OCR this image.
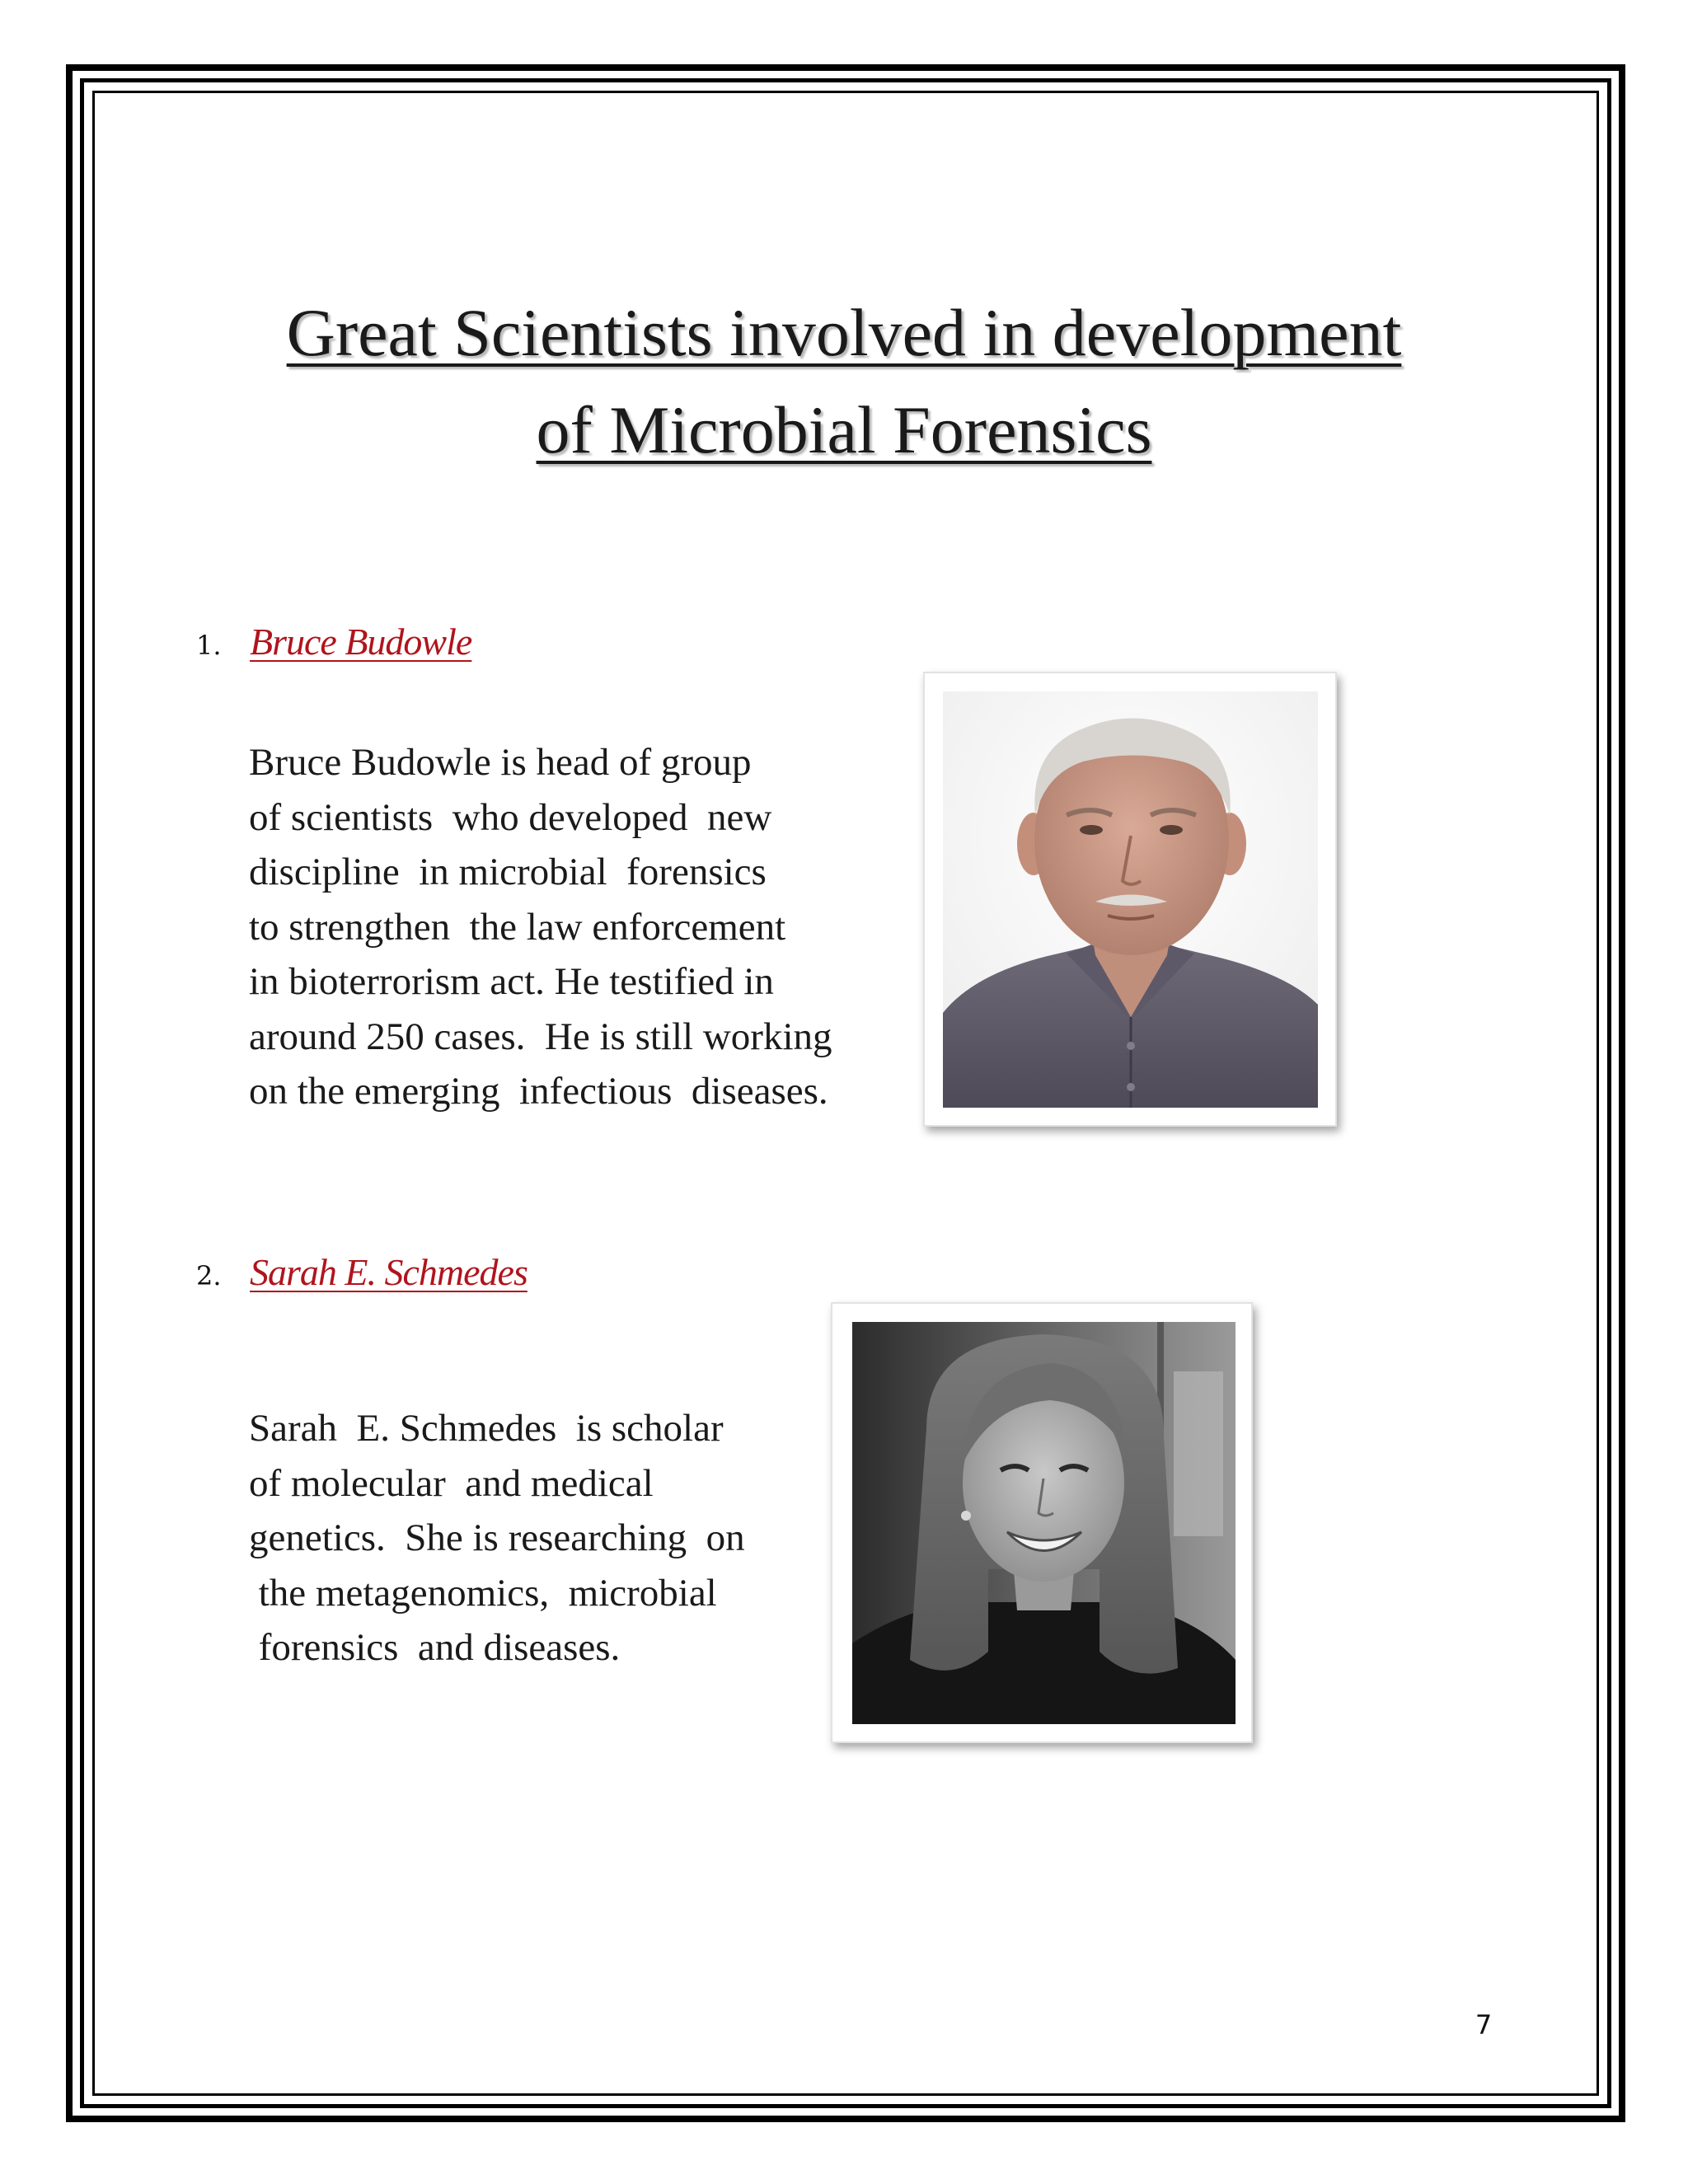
Great Scientists involved in development
of Microbial Forensics
1. Bruce Budowle
Bruce Budowle is head of group
of scientists  who developed  new
discipline  in microbial  forensics
to strengthen  the law enforcement
in bioterrorism act. He testified in
around 250 cases.  He is still working
on the emerging  infectious  diseases.
2. Sarah E. Schmedes
Sarah  E. Schmedes  is scholar
of molecular  and medical
genetics.  She is researching  on
the metagenomics,  microbial
forensics  and diseases.
7
